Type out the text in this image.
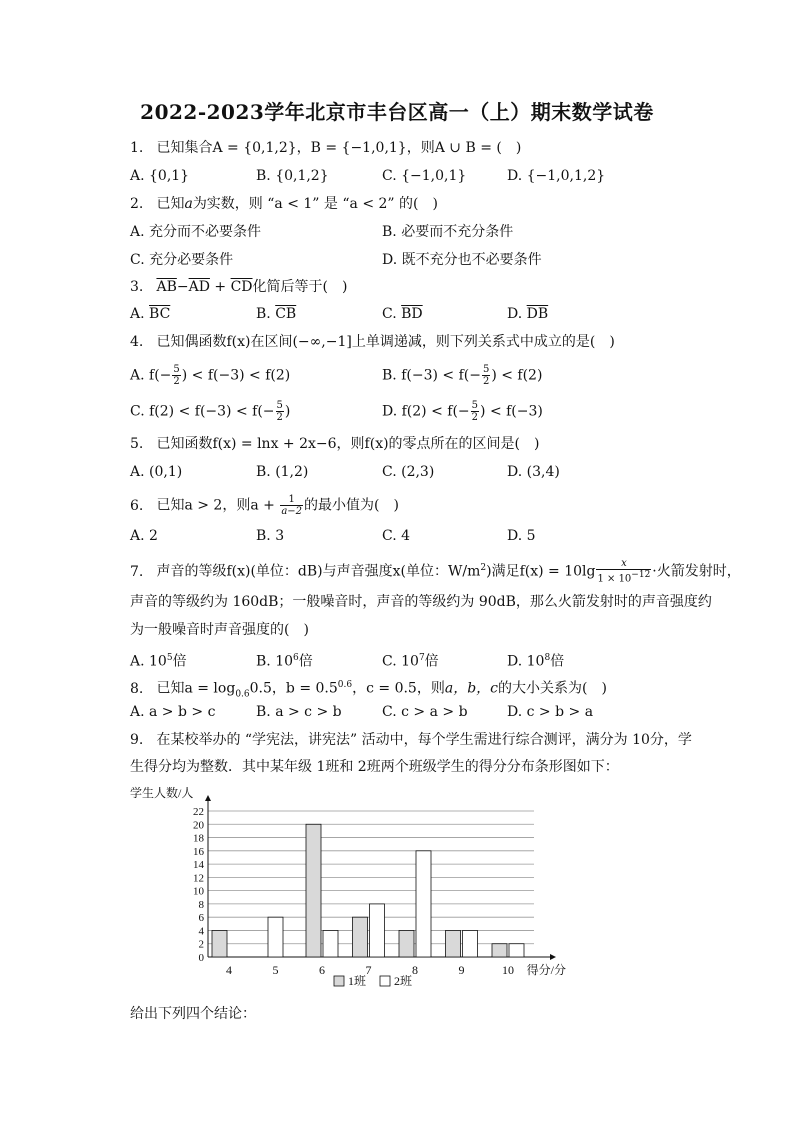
2022-2023学年北京市丰台区高一（上）期末数学试卷
1. 已知集合A = {0,1,2}，B = {−1,0,1}，则A ∪ B = (　)
A. {0,1}	B. {0,1,2}	C. {−1,0,1}	D. {−1,0,1,2}
2. 已知a为实数，则 “a < 1” 是 “a < 2” 的(　)
A. 充分而不必要条件	B. 必要而不充分条件
C. 充分必要条件	D. 既不充分也不必要条件
3. $\overline{AB}-\overline{AD} + \overline{CD}$化简后等于(　)
A. $\overline{BC}$	B. $\overline{CB}$	C. $\overline{BD}$	D. $\overline{DB}$
4. 已知偶函数f(x)在区间(−∞,−1]上单调递减，则下列关系式中成立的是(　)
A. $f(- \frac{5}{2}$ ) < f(−3) < f(2)	B. $f(-3) < f(- \frac{5}{2}$ ) < f(2)
C. $f(2) < f(-3) < f(- \frac{5}{2}$ )	D. $f(2) < f(- \frac{5}{2}$ ) < f(−3)
5. 已知函数f(x) = lnx + 2x−6，则f(x)的零点所在的区间是(　)
A. (0,1)	B. (1,2)	C. (2,3)	D. (3,4)
6. 已知a > 2，则$a + \frac{1}{a-2}$ 的最小值为(　)
A. 2	B. 3	C. 4	D. 5
7. 声音的等级f(x)(单位：dB)与声音强度x(单位：$W/m^2$)满足$f(x) = 10\lg \frac{x}{1 \times 10^{-12}}$ ·火箭发射时，
声音的等级约为 160dB；一般噪音时，声音的等级约为 90dB，那么火箭发射时的声音强度约
为一般噪音时声音强度的(　)
A. $10^5$倍	B. $10^6$倍	C. $10^7$倍	D. $10^8$倍
8. 已知$a = \log_{0.6}0.5$，$b = 0.5^{0.6}$，c = 0.5，则a，b，c的大小关系为(　)
A. a > b > c	B. a > c > b	C. c > a > b	D. c > b > a
9. 在某校举办的 “学宪法，讲宪法” 活动中，每个学生需进行综合测评，满分为 10分，学
生得分均为整数．其中某年级 1班和 2班两个班级学生的得分分布条形图如下：
0
2
4
6
8
10
12
14
16
18
20
22
学生人数/人
4	5	6	7	8	9	10 得分/分
1班 2班
给出下列四个结论：
